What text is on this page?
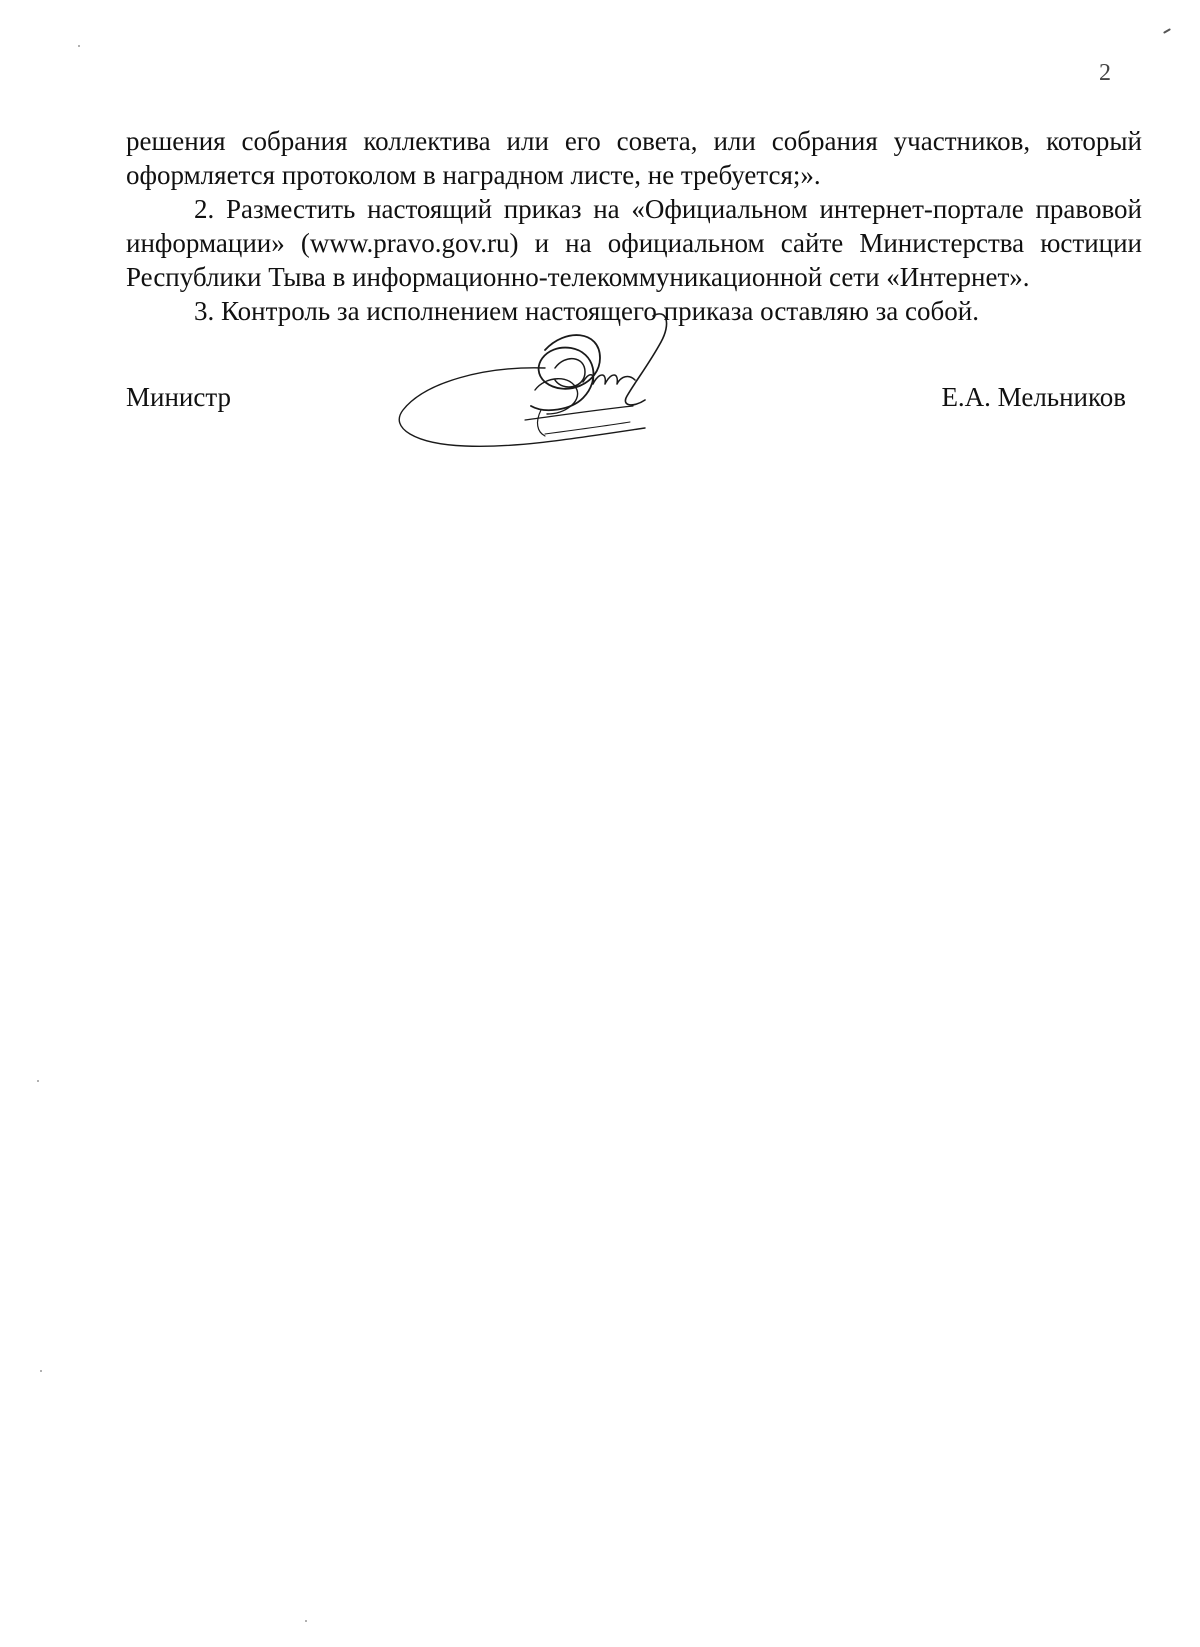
2

решения собрания коллектива или его совета, или собрания участников, который оформляется протоколом в наградном листе, не требуется;».

2. Разместить настоящий приказ на «Официальном интернет-портале правовой информации» (www.pravo.gov.ru) и на официальном сайте Министерства юстиции Республики Тыва в информационно-телекоммуникационной сети «Интернет».

3. Контроль за исполнением настоящего приказа оставляю за собой.

Министр	Е.А. Мельников
